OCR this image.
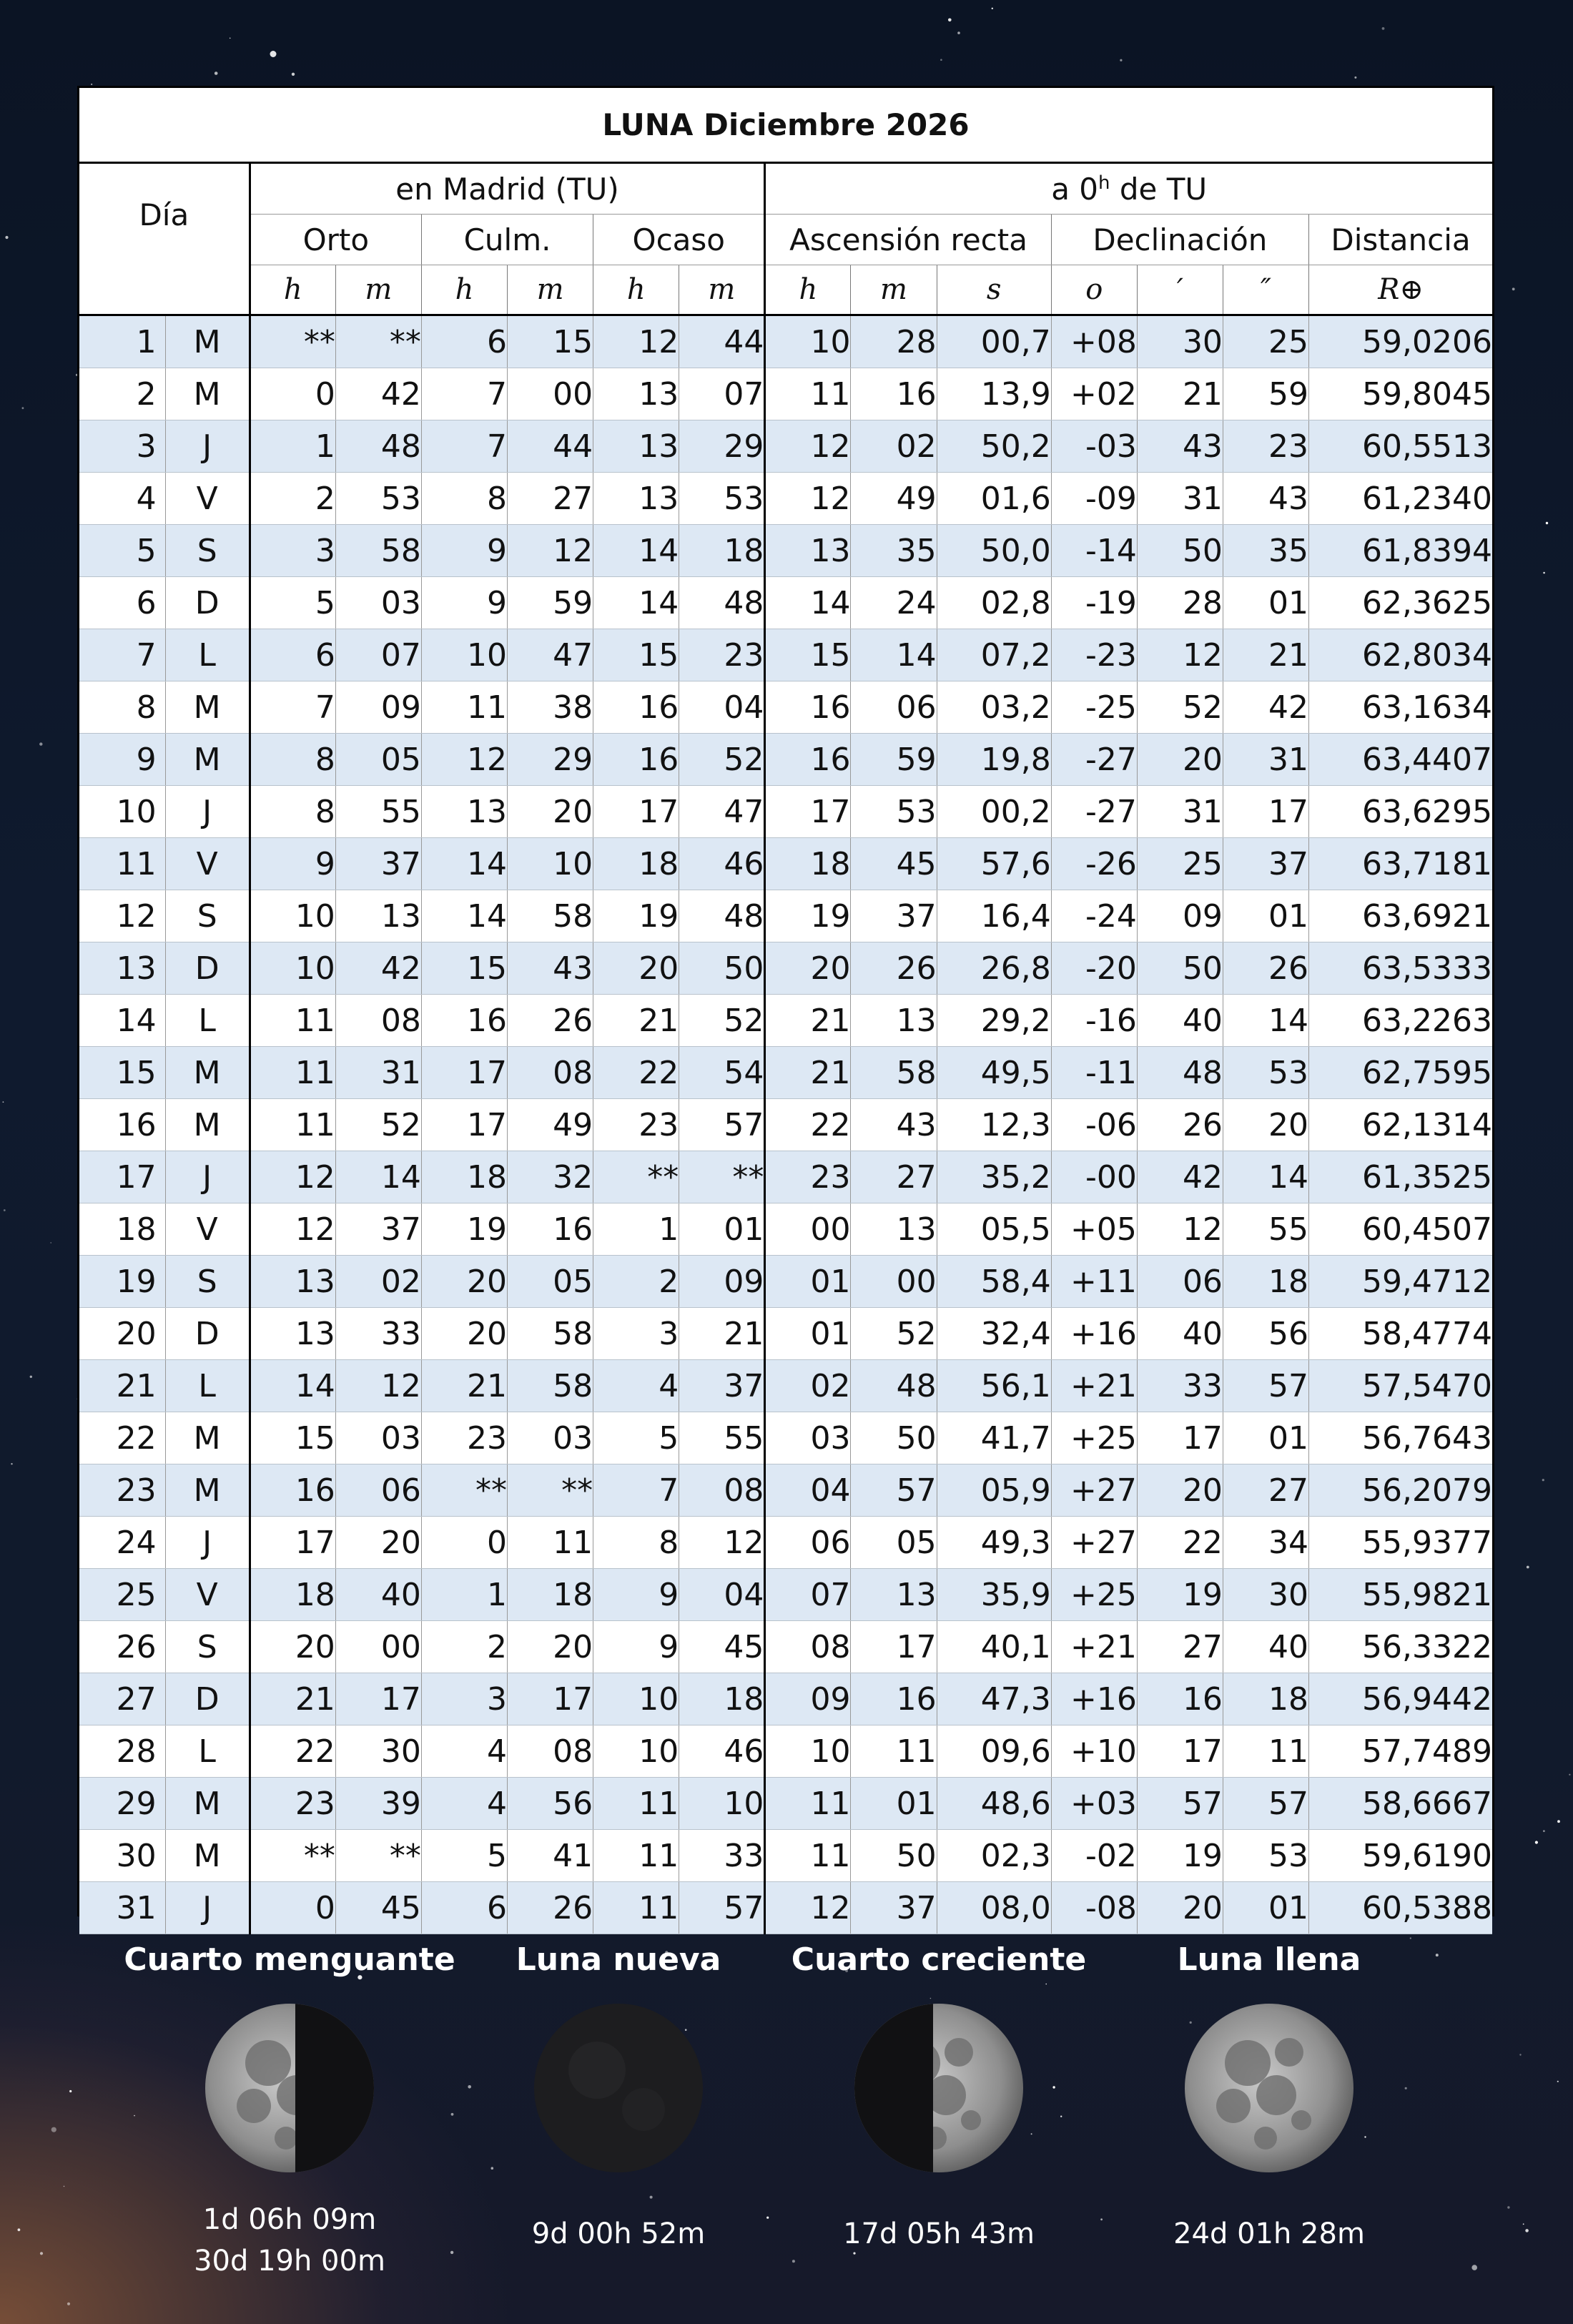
LUNA Diciembre 2026														
Día		en Madrid (TU)						a 0$^h$ de TU						
		Orto		Culm.		Ocaso		Ascensión recta			Declinación			Distancia
		h	m	h	m	h	m	h	m	s	o	′	″	R⊕
1	M	**	**	6	15	12	44	10	28	00,7	+08	30	25	59,0206
2	M	0	42	7	00	13	07	11	16	13,9	+02	21	59	59,8045
3	J	1	48	7	44	13	29	12	02	50,2	-03	43	23	60,5513
4	V	2	53	8	27	13	53	12	49	01,6	-09	31	43	61,2340
5	S	3	58	9	12	14	18	13	35	50,0	-14	50	35	61,8394
6	D	5	03	9	59	14	48	14	24	02,8	-19	28	01	62,3625
7	L	6	07	10	47	15	23	15	14	07,2	-23	12	21	62,8034
8	M	7	09	11	38	16	04	16	06	03,2	-25	52	42	63,1634
9	M	8	05	12	29	16	52	16	59	19,8	-27	20	31	63,4407
10	J	8	55	13	20	17	47	17	53	00,2	-27	31	17	63,6295
11	V	9	37	14	10	18	46	18	45	57,6	-26	25	37	63,7181
12	S	10	13	14	58	19	48	19	37	16,4	-24	09	01	63,6921
13	D	10	42	15	43	20	50	20	26	26,8	-20	50	26	63,5333
14	L	11	08	16	26	21	52	21	13	29,2	-16	40	14	63,2263
15	M	11	31	17	08	22	54	21	58	49,5	-11	48	53	62,7595
16	M	11	52	17	49	23	57	22	43	12,3	-06	26	20	62,1314
17	J	12	14	18	32	**	**	23	27	35,2	-00	42	14	61,3525
18	V	12	37	19	16	1	01	00	13	05,5	+05	12	55	60,4507
19	S	13	02	20	05	2	09	01	00	58,4	+11	06	18	59,4712
20	D	13	33	20	58	3	21	01	52	32,4	+16	40	56	58,4774
21	L	14	12	21	58	4	37	02	48	56,1	+21	33	57	57,5470
22	M	15	03	23	03	5	55	03	50	41,7	+25	17	01	56,7643
23	M	16	06	**	**	7	08	04	57	05,9	+27	20	27	56,2079
24	J	17	20	0	11	8	12	06	05	49,3	+27	22	34	55,9377
25	V	18	40	1	18	9	04	07	13	35,9	+25	19	30	55,9821
26	S	20	00	2	20	9	45	08	17	40,1	+21	27	40	56,3322
27	D	21	17	3	17	10	18	09	16	47,3	+16	16	18	56,9442
28	L	22	30	4	08	10	46	10	11	09,6	+10	17	11	57,7489
29	M	23	39	4	56	11	10	11	01	48,6	+03	57	57	58,6667
30	M	**	**	5	41	11	33	11	50	02,3	-02	19	53	59,6190
31	J	0	45	6	26	11	57	12	37	08,0	-08	20	01	60,5388
Cuarto menguante
1d 06h 09m
30d 19h 00m
Luna nueva
9d 00h 52m
Cuarto creciente
17d 05h 43m
Luna llena
24d 01h 28m
